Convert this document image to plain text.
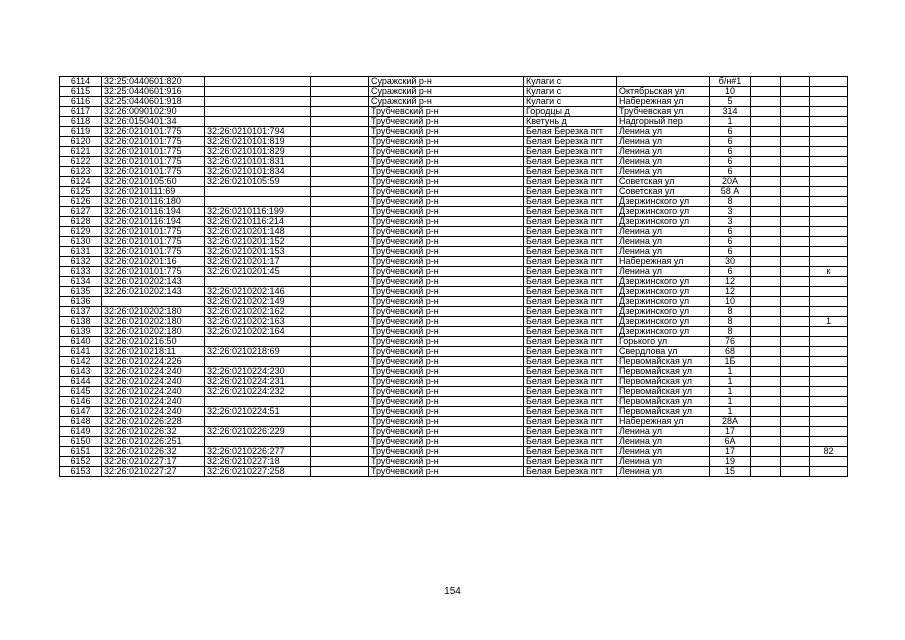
6114	32:25:0440601:820			Суражский р-н	Кулаги с		б/н#1			
6115	32:25:0440601:916			Суражский р-н	Кулаги с	Октябрьская ул	10			
6116	32:25:0440601:918			Суражский р-н	Кулаги с	Набережная ул	5			
6117	32:26:0090102:90			Трубчевский р-н	Городцы д	Трубчевская ул	314			
6118	32:26:0150401:34			Трубчевский р-н	Кветунь д	Надгорный пер	1			
6119	32:26:0210101:775	32:26:0210101:794		Трубчевский р-н	Белая Березка пгт	Ленина ул	6			
6120	32:26:0210101:775	32:26:0210101:819		Трубчевский р-н	Белая Березка пгт	Ленина ул	6			
6121	32:26:0210101:775	32:26:0210101:829		Трубчевский р-н	Белая Березка пгт	Ленина ул	6			
6122	32:26:0210101:775	32:26:0210101:831		Трубчевский р-н	Белая Березка пгт	Ленина ул	6			
6123	32:26:0210101:775	32:26:0210101:834		Трубчевский р-н	Белая Березка пгт	Ленина ул	6			
6124	32:26:0210105:60	32:26:0210105:59		Трубчевский р-н	Белая Березка пгт	Советская ул	20А			
6125	32:26:0210111:69			Трубчевский р-н	Белая Березка пгт	Советская ул	58 А			
6126	32:26:0210116:180			Трубчевский р-н	Белая Березка пгт	Дзержинского ул	8			
6127	32:26:0210116:194	32:26:0210116:199		Трубчевский р-н	Белая Березка пгт	Дзержинского ул	3			
6128	32:26:0210116:194	32:26:0210116:214		Трубчевский р-н	Белая Березка пгт	Дзержинского ул	3			
6129	32:26:0210101:775	32:26:0210201:148		Трубчевский р-н	Белая Березка пгт	Ленина ул	6			
6130	32:26:0210101:775	32:26:0210201:152		Трубчевский р-н	Белая Березка пгт	Ленина ул	6			
6131	32:26:0210101:775	32:26:0210201:153		Трубчевский р-н	Белая Березка пгт	Ленина ул	6			
6132	32:26:0210201:16	32:26:0210201:17		Трубчевский р-н	Белая Березка пгт	Набережная ул	30			
6133	32:26:0210101:775	32:26:0210201:45		Трубчевский р-н	Белая Березка пгт	Ленина ул	6			к
6134	32:26:0210202:143			Трубчевский р-н	Белая Березка пгт	Дзержинского ул	12			
6135	32:26:0210202:143	32:26:0210202:146		Трубчевский р-н	Белая Березка пгт	Дзержинского ул	12			
6136		32:26:0210202:149		Трубчевский р-н	Белая Березка пгт	Дзержинского ул	10			
6137	32:26:0210202:180	32:26:0210202:162		Трубчевский р-н	Белая Березка пгт	Дзержинского ул	8			
6138	32:26:0210202:180	32:26:0210202:163		Трубчевский р-н	Белая Березка пгт	Дзержинского ул	8			1
6139	32:26:0210202:180	32:26:0210202:164		Трубчевский р-н	Белая Березка пгт	Дзержинского ул	8			
6140	32:26:0210216:50			Трубчевский р-н	Белая Березка пгт	Горького ул	76			
6141	32:26:0210218:11	32:26:0210218:69		Трубчевский р-н	Белая Березка пгт	Свердлова ул	68			
6142	32:26:0210224:226			Трубчевский р-н	Белая Березка пгт	Первомайская ул	1Б			
6143	32:26:0210224:240	32:26:0210224:230		Трубчевский р-н	Белая Березка пгт	Первомайская ул	1			
6144	32:26:0210224:240	32:26:0210224:231		Трубчевский р-н	Белая Березка пгт	Первомайская ул	1			
6145	32:26:0210224:240	32:26:0210224:232		Трубчевский р-н	Белая Березка пгт	Первомайская ул	1			
6146	32:26:0210224:240			Трубчевский р-н	Белая Березка пгт	Первомайская ул	1			
6147	32:26:0210224:240	32:26:0210224:51		Трубчевский р-н	Белая Березка пгт	Первомайская ул	1			
6148	32:26:0210226:228			Трубчевский р-н	Белая Березка пгт	Набережная ул	28А			
6149	32:26:0210226:32	32:26:0210226:229		Трубчевский р-н	Белая Березка пгт	Ленина ул	17			
6150	32:26:0210226:251			Трубчевский р-н	Белая Березка пгт	Ленина ул	6А			
6151	32:26:0210226:32	32:26:0210226:277		Трубчевский р-н	Белая Березка пгт	Ленина ул	17			82
6152	32:26:0210227:17	32:26:0210227:18		Трубчевский р-н	Белая Березка пгт	Ленина ул	19			
6153	32:26:0210227:27	32:26:0210227:258		Трубчевский р-н	Белая Березка пгт	Ленина ул	15			
154
